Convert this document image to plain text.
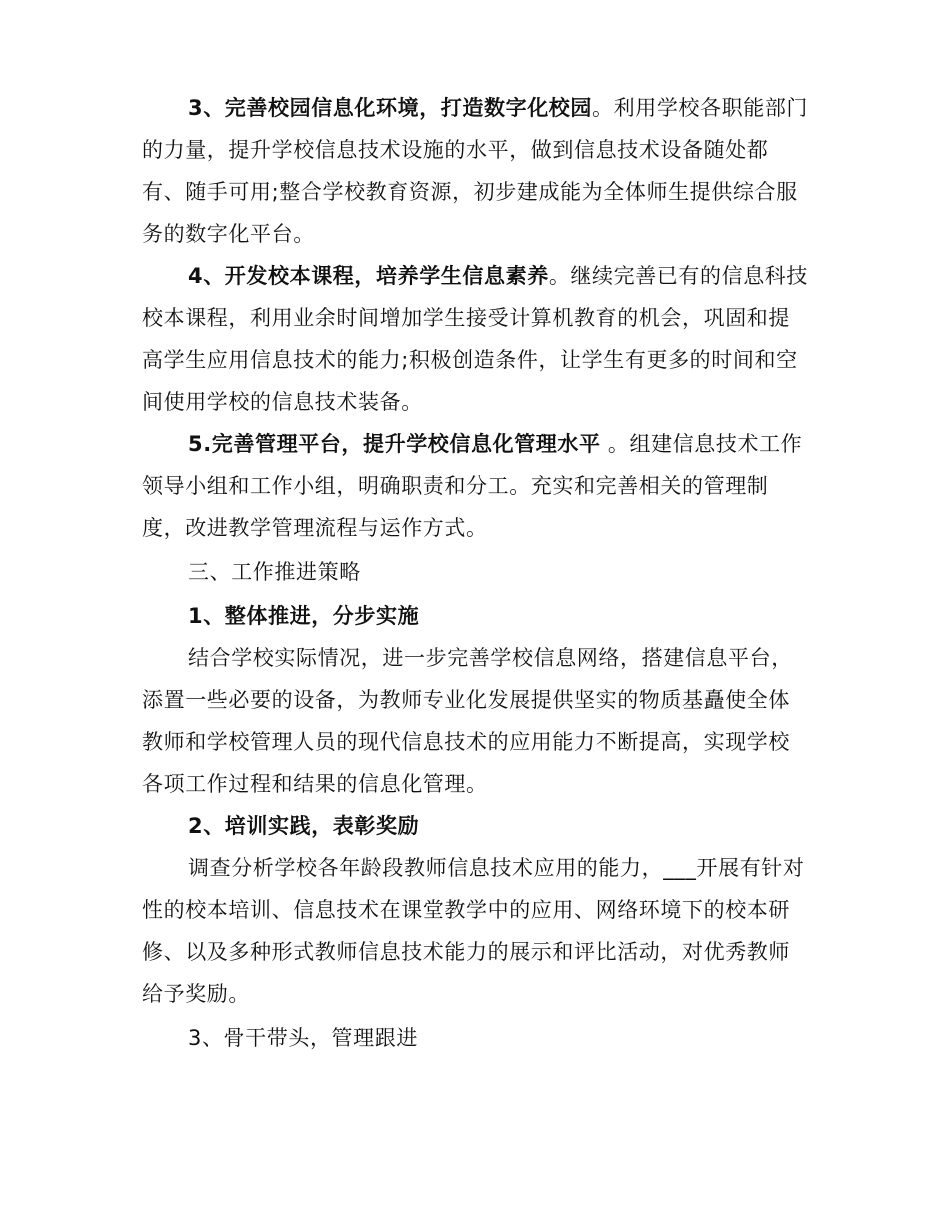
3、完善校园信息化环境，打造数字化校园。利用学校各职能部门
的力量，提升学校信息技术设施的水平，做到信息技术设备随处都
有、随手可用;整合学校教育资源，初步建成能为全体师生提供综合服
务的数字化平台。
4、开发校本课程，培养学生信息素养。继续完善已有的信息科技
校本课程，利用业余时间增加学生接受计算机教育的机会，巩固和提
高学生应用信息技术的能力;积极创造条件，让学生有更多的时间和空
间使用学校的信息技术装备。
5.完善管理平台，提升学校信息化管理水平 。组建信息技术工作
领导小组和工作小组，明确职责和分工。充实和完善相关的管理制
度，改进教学管理流程与运作方式。
三、工作推进策略
1、整体推进，分步实施
结合学校实际情况，进一步完善学校信息网络，搭建信息平台，
添置一些必要的设备，为教师专业化发展提供坚实的物质基矗使全体
教师和学校管理人员的现代信息技术的应用能力不断提高，实现学校
各项工作过程和结果的信息化管理。
2、培训实践，表彰奖励
调查分析学校各年龄段教师信息技术应用的能力，___开展有针对
性的校本培训、信息技术在课堂教学中的应用、网络环境下的校本研
修、以及多种形式教师信息技术能力的展示和评比活动，对优秀教师
给予奖励。
3、骨干带头，管理跟进
